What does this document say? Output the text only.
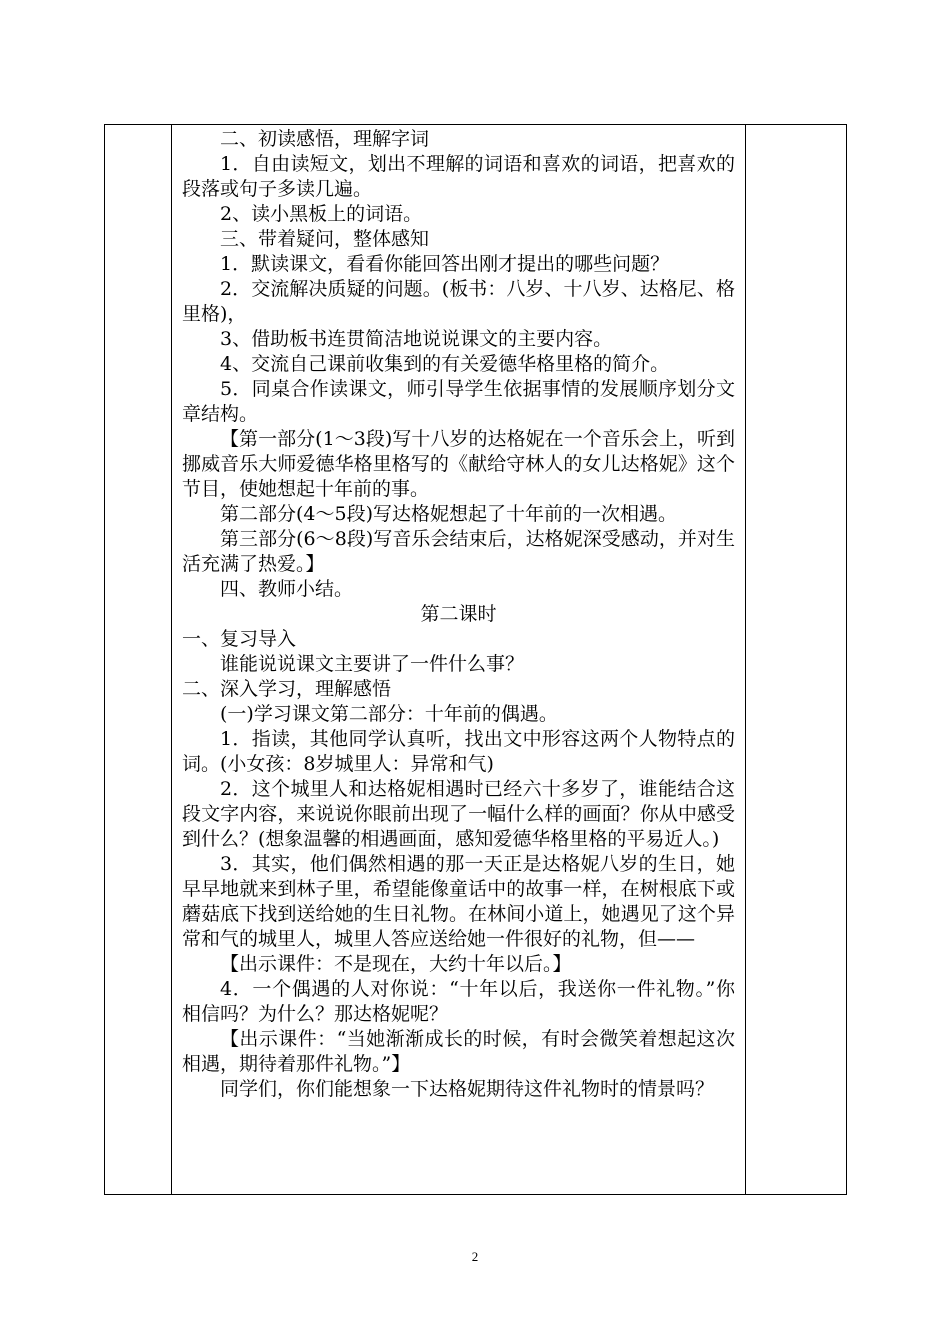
二、初读感悟，理解字词

1．自由读短文，划出不理解的词语和喜欢的词语，把喜欢的段落或句子多读几遍。

2、读小黑板上的词语。

三、带着疑问，整体感知

1．默读课文，看看你能回答出刚才提出的哪些问题？

2．交流解决质疑的问题。(板书：八岁、十八岁、达格尼、格里格)，

3、借助板书连贯简洁地说说课文的主要内容。

4、交流自己课前收集到的有关爱德华格里格的简介。

5．同桌合作读课文，师引导学生依据事情的发展顺序划分文章结构。

【第一部分(1～3段)写十八岁的达格妮在一个音乐会上，听到挪威音乐大师爱德华格里格写的《献给守林人的女儿达格妮》这个节目，使她想起十年前的事。

第二部分(4～5段)写达格妮想起了十年前的一次相遇。

第三部分(6～8段)写音乐会结束后，达格妮深受感动，并对生活充满了热爱。】

四、教师小结。

第二课时

一、复习导入

谁能说说课文主要讲了一件什么事？

二、深入学习，理解感悟

(一)学习课文第二部分：十年前的偶遇。

1．指读，其他同学认真听，找出文中形容这两个人物特点的词。(小女孩：8岁城里人：异常和气)

2．这个城里人和达格妮相遇时已经六十多岁了，谁能结合这段文字内容，来说说你眼前出现了一幅什么样的画面？你从中感受到什么？(想象温馨的相遇画面，感知爱德华格里格的平易近人。)

3．其实，他们偶然相遇的那一天正是达格妮八岁的生日，她早早地就来到林子里，希望能像童话中的故事一样，在树根底下或蘑菇底下找到送给她的生日礼物。在林间小道上，她遇见了这个异常和气的城里人，城里人答应送给她一件很好的礼物，但——

【出示课件：不是现在，大约十年以后。】

4．一个偶遇的人对你说：“十年以后，我送你一件礼物。”你相信吗？为什么？那达格妮呢？

【出示课件：“当她渐渐成长的时候，有时会微笑着想起这次相遇，期待着那件礼物。”】

同学们，你们能想象一下达格妮期待这件礼物时的情景吗？

2
